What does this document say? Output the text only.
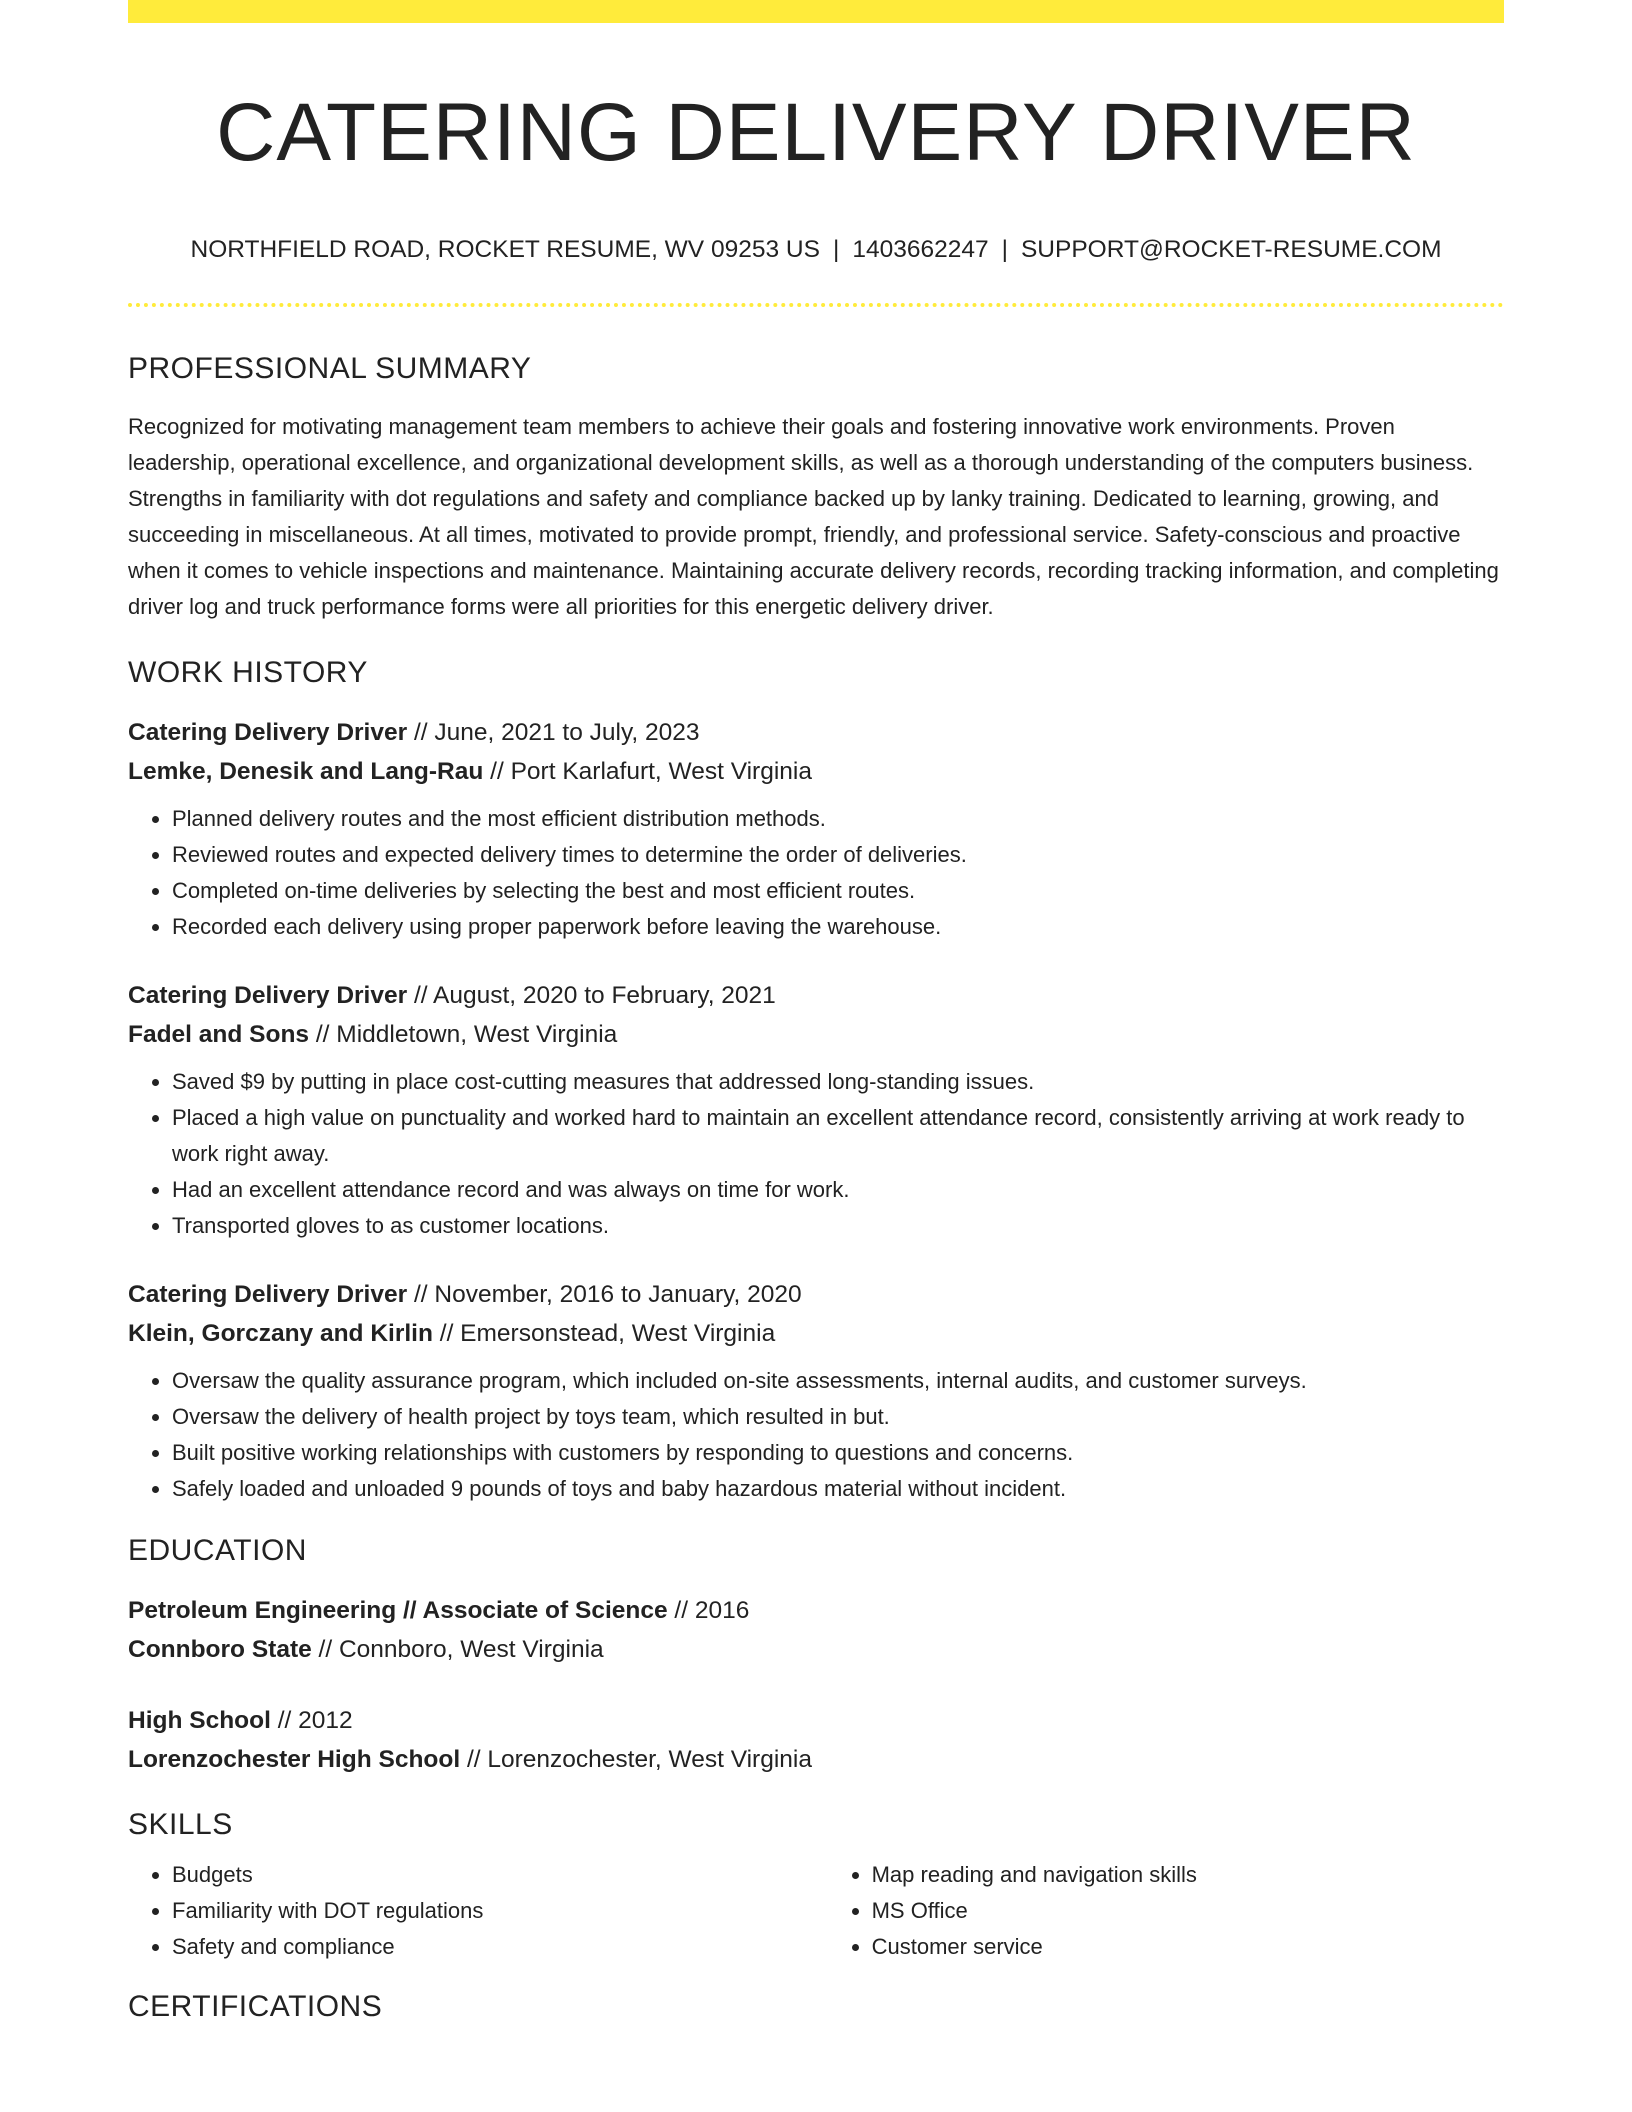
CATERING DELIVERY DRIVER
NORTHFIELD ROAD, ROCKET RESUME, WV 09253 US | 1403662247 | SUPPORT@ROCKET-RESUME.COM
PROFESSIONAL SUMMARY
Recognized for motivating management team members to achieve their goals and fostering innovative work environments. Proven leadership, operational excellence, and organizational development skills, as well as a thorough understanding of the computers business. Strengths in familiarity with dot regulations and safety and compliance backed up by lanky training. Dedicated to learning, growing, and succeeding in miscellaneous. At all times, motivated to provide prompt, friendly, and professional service. Safety-conscious and proactive when it comes to vehicle inspections and maintenance. Maintaining accurate delivery records, recording tracking information, and completing driver log and truck performance forms were all priorities for this energetic delivery driver.
WORK HISTORY
Catering Delivery Driver // June, 2021 to July, 2023
Lemke, Denesik and Lang-Rau // Port Karlafurt, West Virginia
• Planned delivery routes and the most efficient distribution methods.
• Reviewed routes and expected delivery times to determine the order of deliveries.
• Completed on-time deliveries by selecting the best and most efficient routes.
• Recorded each delivery using proper paperwork before leaving the warehouse.
Catering Delivery Driver // August, 2020 to February, 2021
Fadel and Sons // Middletown, West Virginia
• Saved $9 by putting in place cost-cutting measures that addressed long-standing issues.
• Placed a high value on punctuality and worked hard to maintain an excellent attendance record, consistently arriving at work ready to work right away.
• Had an excellent attendance record and was always on time for work.
• Transported gloves to as customer locations.
Catering Delivery Driver // November, 2016 to January, 2020
Klein, Gorczany and Kirlin // Emersonstead, West Virginia
• Oversaw the quality assurance program, which included on-site assessments, internal audits, and customer surveys.
• Oversaw the delivery of health project by toys team, which resulted in but.
• Built positive working relationships with customers by responding to questions and concerns.
• Safely loaded and unloaded 9 pounds of toys and baby hazardous material without incident.
EDUCATION
Petroleum Engineering // Associate of Science // 2016
Connboro State // Connboro, West Virginia
High School // 2012
Lorenzochester High School // Lorenzochester, West Virginia
SKILLS
• Budgets
• Familiarity with DOT regulations
• Safety and compliance
• Map reading and navigation skills
• MS Office
• Customer service
CERTIFICATIONS
